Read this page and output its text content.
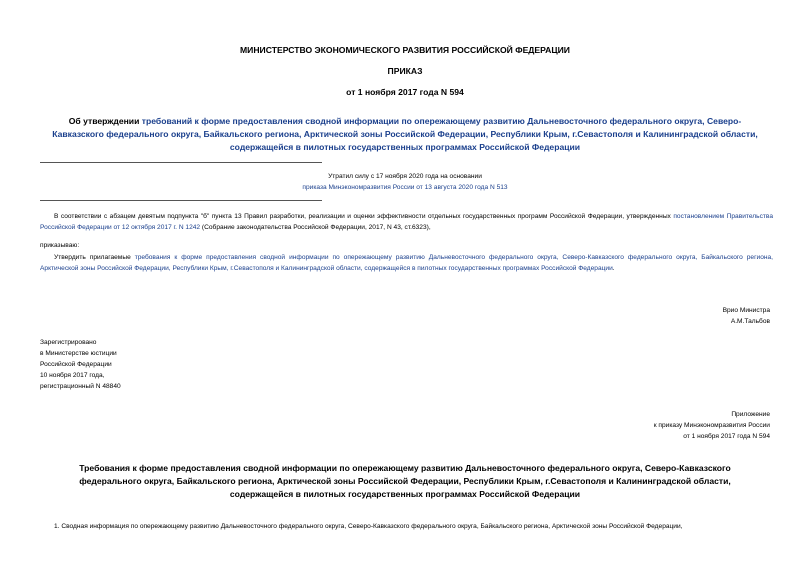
МИНИСТЕРСТВО ЭКОНОМИЧЕСКОГО РАЗВИТИЯ РОССИЙСКОЙ ФЕДЕРАЦИИ
ПРИКАЗ
от 1 ноября 2017 года N 594
Об утверждении требований к форме предоставления сводной информации по опережающему развитию Дальневосточного федерального округа, Северо-Кавказского федерального округа, Байкальского региона, Арктической зоны Российской Федерации, Республики Крым, г.Севастополя и Калининградской области, содержащейся в пилотных государственных программах Российской Федерации
Утратил силу с 17 ноября 2020 года на основании
приказа Минэкономразвития России от 13 августа 2020 года N 513
В соответствии с абзацем девятым подпункта "б" пункта 13 Правил разработки, реализации и оценки эффективности отдельных государственных программ Российской Федерации, утвержденных постановлением Правительства Российской Федерации от 12 октября 2017 г. N 1242 (Собрание законодательства Российской Федерации, 2017, N 43, ст.6323),
приказываю:
Утвердить прилагаемые требования к форме предоставления сводной информации по опережающему развитию Дальневосточного федерального округа, Северо-Кавказского федерального округа, Байкальского региона, Арктической зоны Российской Федерации, Республики Крым, г.Севастополя и Калининградской области, содержащейся в пилотных государственных программах Российской Федерации.
Врио Министра
А.М.Тальбов
Зарегистрировано
в Министерстве юстиции
Российской Федерации
10 ноября 2017 года,
регистрационный N 48840
Приложение
к приказу Минэкономразвития России
от 1 ноября 2017 года N 594
Требования к форме предоставления сводной информации по опережающему развитию Дальневосточного федерального округа, Северо-Кавказского федерального округа, Байкальского региона, Арктической зоны Российской Федерации, Республики Крым, г.Севастополя и Калининградской области, содержащейся в пилотных государственных программах Российской Федерации
1. Сводная информация по опережающему развитию Дальневосточного федерального округа, Северо-Кавказского федерального округа, Байкальского региона, Арктической зоны Российской Федерации,
